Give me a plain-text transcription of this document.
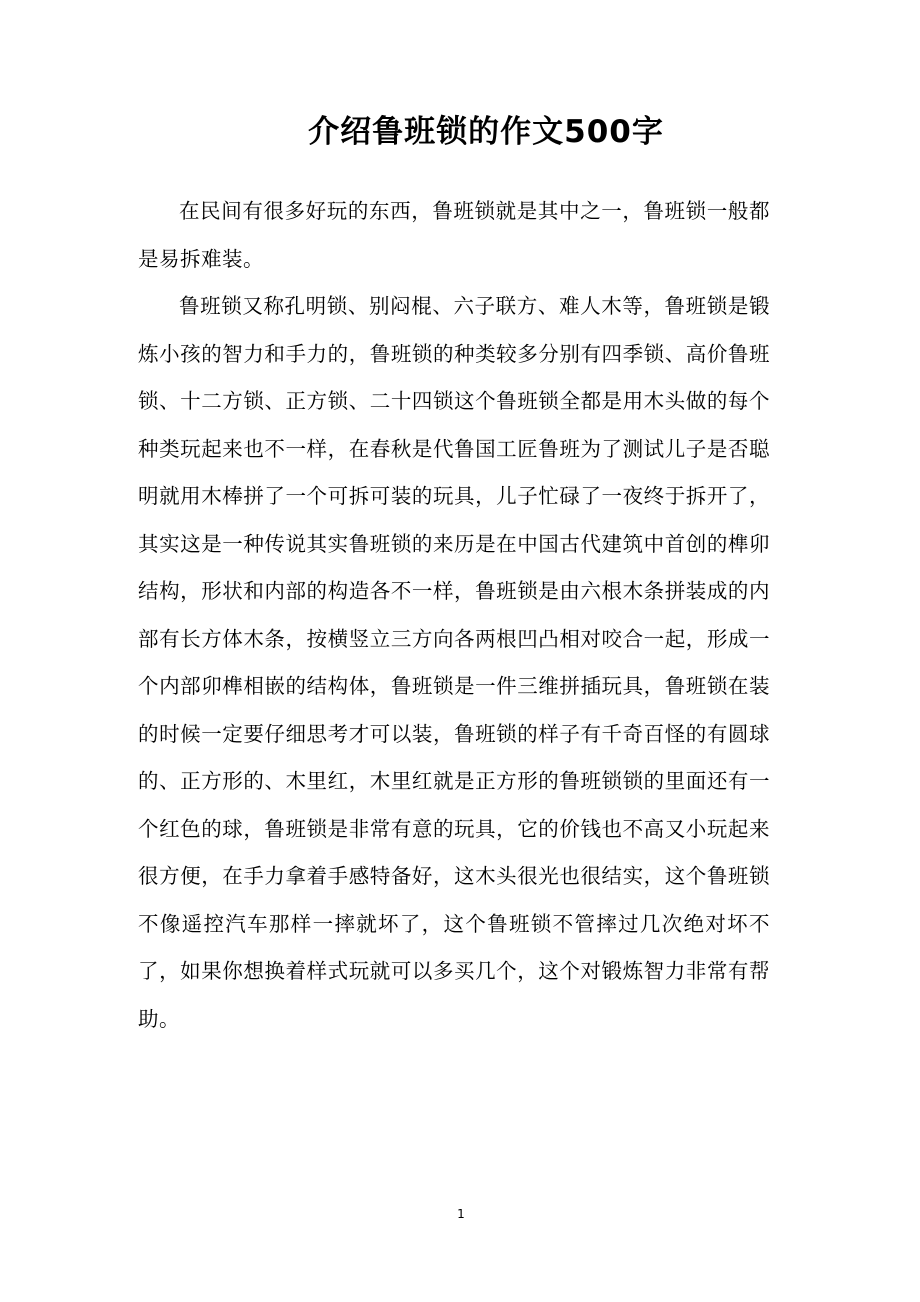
介绍鲁班锁的作文500字

在民间有很多好玩的东西，鲁班锁就是其中之一，鲁班锁一般都是易拆难装。

鲁班锁又称孔明锁、别闷棍、六子联方、难人木等，鲁班锁是锻炼小孩的智力和手力的，鲁班锁的种类较多分别有四季锁、高价鲁班锁、十二方锁、正方锁、二十四锁这个鲁班锁全都是用木头做的每个种类玩起来也不一样，在春秋是代鲁国工匠鲁班为了测试儿子是否聪明就用木棒拼了一个可拆可装的玩具，儿子忙碌了一夜终于拆开了，其实这是一种传说其实鲁班锁的来历是在中国古代建筑中首创的榫卯结构，形状和内部的构造各不一样，鲁班锁是由六根木条拼装成的内部有长方体木条，按横竖立三方向各两根凹凸相对咬合一起，形成一个内部卯榫相嵌的结构体，鲁班锁是一件三维拼插玩具，鲁班锁在装的时候一定要仔细思考才可以装，鲁班锁的样子有千奇百怪的有圆球的、正方形的、木里红，木里红就是正方形的鲁班锁锁的里面还有一个红色的球，鲁班锁是非常有意的玩具，它的价钱也不高又小玩起来很方便，在手力拿着手感特备好，这木头很光也很结实，这个鲁班锁不像遥控汽车那样一摔就坏了，这个鲁班锁不管摔过几次绝对坏不了，如果你想换着样式玩就可以多买几个，这个对锻炼智力非常有帮助。

1
